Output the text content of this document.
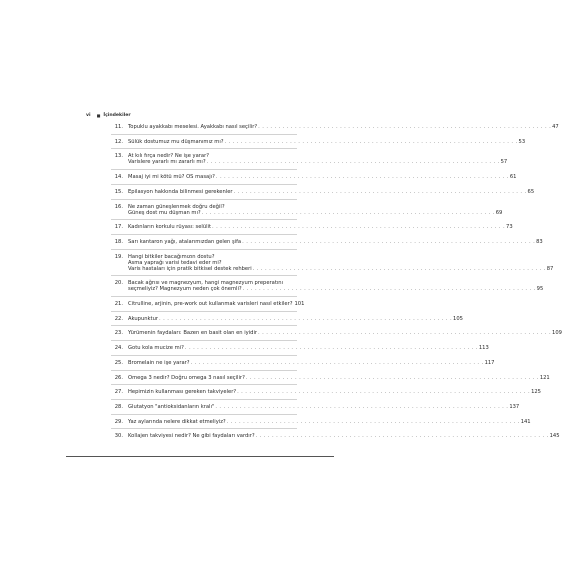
vi ■ İçindekiler
11. Topuklu ayakkabı meselesi. Ayakkabı nasıl seçilir? . . . . . . . . . . . . . . . . . . . . . . . . . . . . . . . . . . . . . . . . . . . . . . . . . . . . . . . . . . . . . . . . . . . . . . . . 47
12. Sülük dostumuz mu düşmanımız mı? . . . . . . . . . . . . . . . . . . . . . . . . . . . . . . . . . . . . . . . . . . . . . . . . . . . . . . . . . . . . . . . . . . . . . . . . 53
13. At kılı fırça nedir? Ne işe yarar?
Varislere yararlı mı zararlı mı? . . . . . . . . . . . . . . . . . . . . . . . . . . . . . . . . . . . . . . . . . . . . . . . . . . . . . . . . . . . . . . . . . . . . . . . . 57
14. Masaj iyi mi kötü mü? OS masajı? . . . . . . . . . . . . . . . . . . . . . . . . . . . . . . . . . . . . . . . . . . . . . . . . . . . . . . . . . . . . . . . . . . . . . . . . 61
15. Epilasyon hakkında bilinmesi gerekenler . . . . . . . . . . . . . . . . . . . . . . . . . . . . . . . . . . . . . . . . . . . . . . . . . . . . . . . . . . . . . . . . . . . . . . . . 65
16. Ne zaman güneşlenmek doğru değil?
Güneş dost mu düşman mı? . . . . . . . . . . . . . . . . . . . . . . . . . . . . . . . . . . . . . . . . . . . . . . . . . . . . . . . . . . . . . . . . . . . . . . . . 69
17. Kadınların korkulu rüyası: selülit . . . . . . . . . . . . . . . . . . . . . . . . . . . . . . . . . . . . . . . . . . . . . . . . . . . . . . . . . . . . . . . . . . . . . . . . 73
18. Sarı kantaron yağı, atalarımızdan gelen şifa . . . . . . . . . . . . . . . . . . . . . . . . . . . . . . . . . . . . . . . . . . . . . . . . . . . . . . . . . . . . . . . . . . . . . . . . 83
19. Hangi bitkiler bacağımızın dostu?
Asma yaprağı varisi tedavi eder mi?
Varis hastaları için pratik bitkisel destek rehberi . . . . . . . . . . . . . . . . . . . . . . . . . . . . . . . . . . . . . . . . . . . . . . . . . . . . . . . . . . . . . . . . . . . . . . . . 87
20. Bacak ağrısı ve magnezyum, hangi magnezyum preperatını
seçmeliyiz? Magnezyum neden çok önemli? . . . . . . . . . . . . . . . . . . . . . . . . . . . . . . . . . . . . . . . . . . . . . . . . . . . . . . . . . . . . . . . . . . . . . . . . 95
21. Citrulline, arjinin, pre-work out kullanmak varisleri nasıl etkiler? 101
22. Akupunktur . . . . . . . . . . . . . . . . . . . . . . . . . . . . . . . . . . . . . . . . . . . . . . . . . . . . . . . . . . . . . . . . . . . . . . . . 105
23. Yürümenin faydaları: Bazen en basit olan en iyidir . . . . . . . . . . . . . . . . . . . . . . . . . . . . . . . . . . . . . . . . . . . . . . . . . . . . . . . . . . . . . . . . . . . . . . . . 109
24. Gotu kola mucize mi? . . . . . . . . . . . . . . . . . . . . . . . . . . . . . . . . . . . . . . . . . . . . . . . . . . . . . . . . . . . . . . . . . . . . . . . . 113
25. Bromelain ne işe yarar? . . . . . . . . . . . . . . . . . . . . . . . . . . . . . . . . . . . . . . . . . . . . . . . . . . . . . . . . . . . . . . . . . . . . . . . . 117
26. Omega 3 nedir? Doğru omega 3 nasıl seçilir? . . . . . . . . . . . . . . . . . . . . . . . . . . . . . . . . . . . . . . . . . . . . . . . . . . . . . . . . . . . . . . . . . . . . . . . . 121
27. Hepimizin kullanması gereken takviyeler? . . . . . . . . . . . . . . . . . . . . . . . . . . . . . . . . . . . . . . . . . . . . . . . . . . . . . . . . . . . . . . . . . . . . . . . . 125
28. Glutatyon "antioksidanların kralı" . . . . . . . . . . . . . . . . . . . . . . . . . . . . . . . . . . . . . . . . . . . . . . . . . . . . . . . . . . . . . . . . . . . . . . . . 137
29. Yaz aylarında nelere dikkat etmeliyiz? . . . . . . . . . . . . . . . . . . . . . . . . . . . . . . . . . . . . . . . . . . . . . . . . . . . . . . . . . . . . . . . . . . . . . . . . 141
30. Kollajen takviyesi nedir? Ne gibi faydaları vardır? . . . . . . . . . . . . . . . . . . . . . . . . . . . . . . . . . . . . . . . . . . . . . . . . . . . . . . . . . . . . . . . . . . . . . . . . 145
